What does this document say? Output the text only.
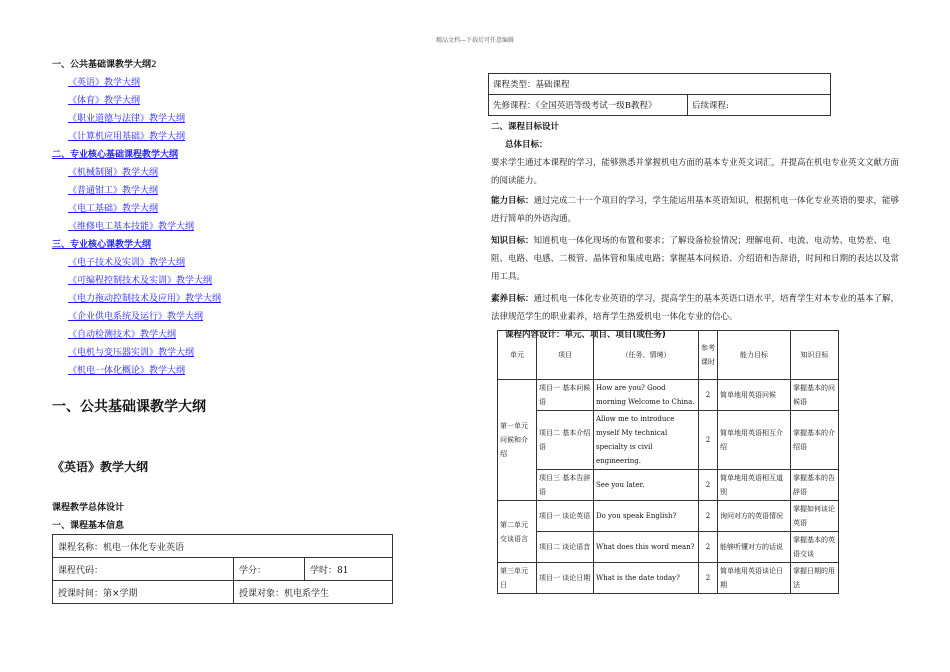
精品文档---下载后可任意编辑
一、公共基础课教学大纲2
《英语》教学大纲
《体育》教学大纲
《职业道德与法律》教学大纲
《计算机应用基础》教学大纲
二、专业核心基础课程教学大纲
《机械制图》教学大纲
《普通钳工》教学大纲
《电工基础》教学大纲
《维修电工基本技能》教学大纲
三、专业核心课教学大纲
《电子技术及实训》教学大纲
《可编程控制技术及实训》教学大纲
《电力拖动控制技术及应用》教学大纲
《企业供电系统及运行》教学大纲
《自动检测技术》教学大纲
《电机与变压器实训》教学大纲
《机电一体化概论》教学大纲
一、公共基础课教学大纲
《英语》教学大纲
课程教学总体设计
一、课程基本信息
课程名称：机电一体化专业英语		
课程代码：	学分：	学时：81
授课时间：第×学期	授课对象：机电系学生	
课程类型：基础课程
先修课程：《全国英语等级考试一级B教程》	后续课程:

二、课程目标设计

总体目标：

要求学生通过本课程的学习，能够熟悉并掌握机电方面的基本专业英文词汇，并提高在机电专业英文文献方面的阅读能力。

能力目标：通过完成二十一个项目的学习，学生能运用基本英语知识，根据机电一体化专业英语的要求，能够进行简单的外语沟通。

知识目标：知道机电一体化现场的布置和要求；了解设备检验情况；理解电荷、电流、电动势、电势差、电阻、电路、电感、二极管、晶体管和集成电路；掌握基本问候语、介绍语和告辞语，时间和日期的表达以及常用工具。

素养目标：通过机电一体化专业英语的学习，提高学生的基本英语口语水平，培育学生对本专业的基本了解，法律规范学生的职业素养，培育学生热爱机电一体化专业的信心。

课程内容设计：单元、项目、项目(或任务)

单元	项目	（任务、情境）	参考课时	能力目标	知识目标
第一单元 问候和介绍	项目一 基本问候语	How are you? Good morning Welcome to China.	2	简单地用英语问候	掌握基本的问候语
	项目二 基本介绍语	Allow me to introduce myself My technical specialty is civil engineering.	2	简单地用英语相互介绍	掌握基本的介绍语
	项目三 基本告辞语	See you later.	2	简单地用英语相互道别	掌握基本的告辞语
第二单元 交谈语言	项目一 谈论英语	Do you speak English?	2	询问对方的英语情况	掌握如何谈论英语
	项目二 谈论语音	What does this word mean?	2	能够听懂对方的话说	掌握基本的英语交谈
第三单元 日	项目一 谈论日期	What is the date today?	2	简单地用英语谈论日期	掌握日期的用法
